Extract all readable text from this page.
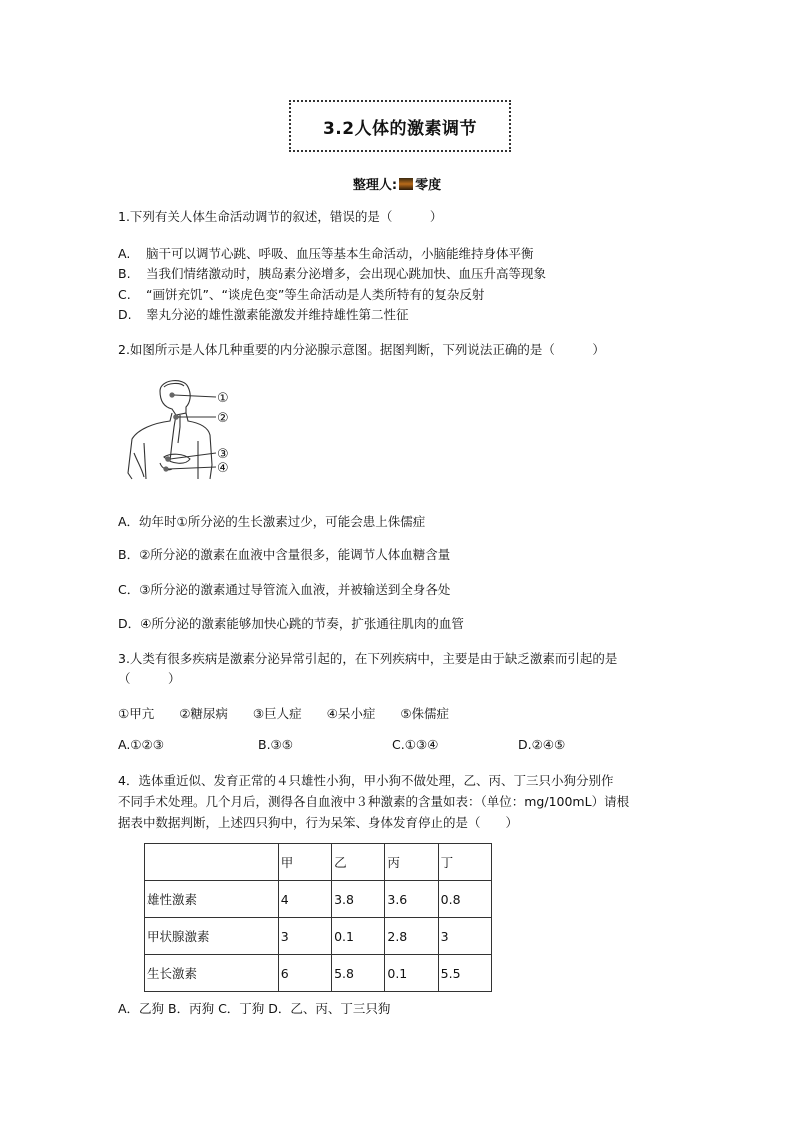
3.2人体的激素调节
整理人: 零度
1.下列有关人体生命活动调节的叙述，错误的是（　　　）
A. 脑干可以调节心跳、呼吸、血压等基本生命活动，小脑能维持身体平衡
B. 当我们情绪激动时，胰岛素分泌增多，会出现心跳加快、血压升高等现象
C. “画饼充饥”、“谈虎色变”等生命活动是人类所特有的复杂反射
D. 睾丸分泌的雄性激素能激发并维持雄性第二性征
2.如图所示是人体几种重要的内分泌腺示意图。据图判断，下列说法正确的是（　　　）
①
②
③
④
A．幼年时①所分泌的生长激素过少，可能会患上侏儒症
B．②所分泌的激素在血液中含量很多，能调节人体血糖含量
C．③所分泌的激素通过导管流入血液，并被输送到全身各处
D．④所分泌的激素能够加快心跳的节奏，扩张通往肌肉的血管
3.人类有很多疾病是激素分泌异常引起的，在下列疾病中，主要是由于缺乏激素而引起的是
（　　　）
①甲亢　　②糖尿病　　③巨人症　　④呆小症　　⑤侏儒症
A.①②③	B.③⑤	C.①③④	D.②④⑤
4．选体重近似、发育正常的４只雄性小狗，甲小狗不做处理，乙、丙、丁三只小狗分别作
不同手术处理。几个月后，测得各自血液中３种激素的含量如表：（单位：mg/100mL）请根
据表中数据判断，上述四只狗中，行为呆笨、身体发育停止的是（　　）
	甲	乙	丙	丁
雄性激素	4	3.8	3.6	0.8
甲状腺激素	3	0.1	2.8	3
生长激素	6	5.8	0.1	5.5
A．乙狗 B．丙狗 C．丁狗 D．乙、丙、丁三只狗
